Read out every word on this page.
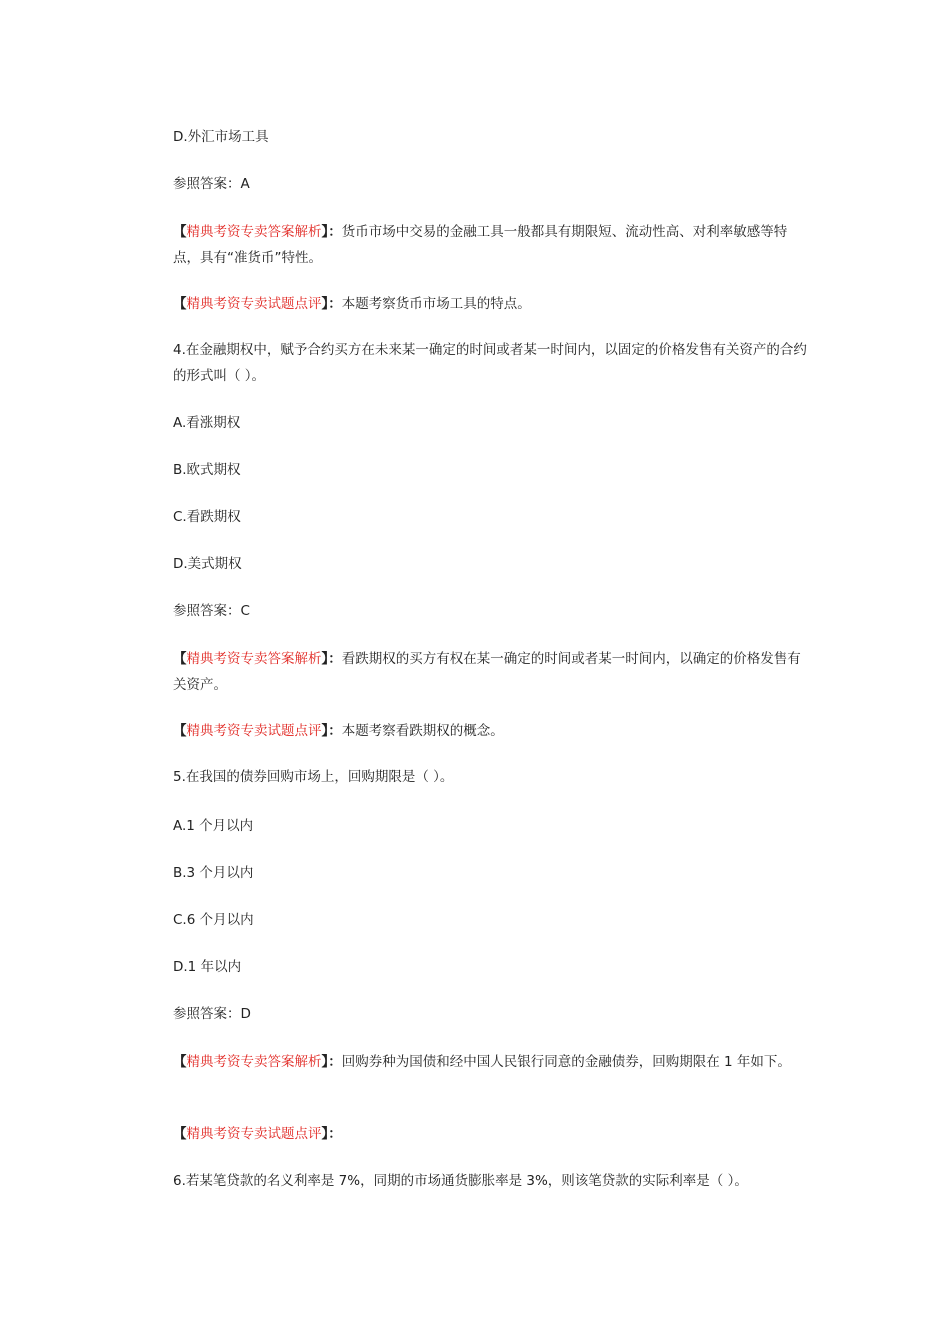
D.外汇市场工具
参照答案：A
【精典考资专卖答案解析】：货币市场中交易的金融工具一般都具有期限短、流动性高、对利率敏感等特点，具有“准货币”特性。
【精典考资专卖试题点评】：本题考察货币市场工具的特点。
4.在金融期权中，赋予合约买方在未来某一确定的时间或者某一时间内，以固定的价格发售有关资产的合约的形式叫（ ）。
A.看涨期权
B.欧式期权
C.看跌期权
D.美式期权
参照答案：C
【精典考资专卖答案解析】：看跌期权的买方有权在某一确定的时间或者某一时间内，以确定的价格发售有关资产。
【精典考资专卖试题点评】：本题考察看跌期权的概念。
5.在我国的债券回购市场上，回购期限是（ ）。
A.1 个月以内
B.3 个月以内
C.6 个月以内
D.1 年以内
参照答案：D
【精典考资专卖答案解析】：回购券种为国债和经中国人民银行同意的金融债券，回购期限在 1 年如下。
【精典考资专卖试题点评】：
6.若某笔贷款的名义利率是 7%，同期的市场通货膨胀率是 3%，则该笔贷款的实际利率是（ ）。
